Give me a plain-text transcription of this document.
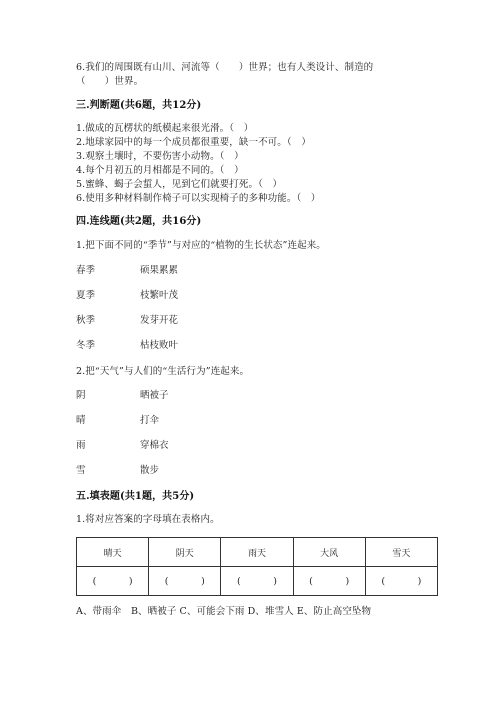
6.我们的周围既有山川、河流等（　　）世界；也有人类设计、制造的
（　　）世界。
三.判断题(共6题，共12分)
1.做成的瓦楞状的纸模起来很光滑。（　）
2.地球家园中的每一个成员都很重要，缺一不可。（　）
3.观察土壤时，不要伤害小动物。（　）
4.每个月初五的月相都是不同的。（　）
5.蜜蜂、蝎子会蜇人，见到它们就要打死。（　）
6.使用多种材料制作椅子可以实现椅子的多种功能。（　）
四.连线题(共2题，共16分)
1.把下面不同的“季节”与对应的“植物的生长状态”连起来。
春季	硕果累累
夏季	枝繁叶茂
秋季	发芽开花
冬季	枯枝败叶
2.把“天气”与人们的“生活行为”连起来。
阴	晒被子
晴	打伞
雨	穿棉衣
雪	散步
五.填表题(共1题，共5分)
1.将对应答案的字母填在表格内。
晴天	阴天	雨天	大风	雪天
( )	( )	( )	( )	( )
A、带雨伞　B、晒被子 C、可能会下雨 D、堆雪人 E、防止高空坠物
